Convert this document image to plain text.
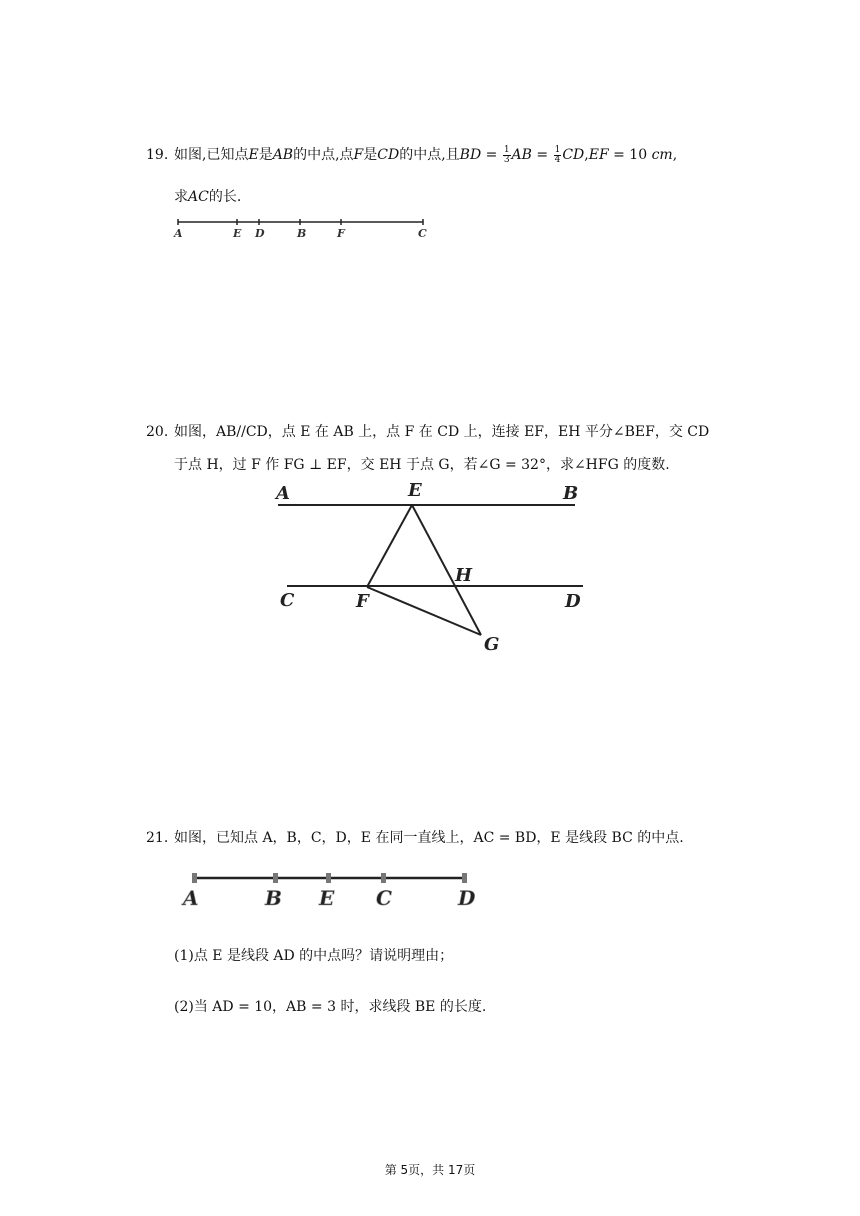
19. 如图,已知点E是AB的中点,点F是CD的中点,且BD = $\frac{1}{3}$ AB = $\frac{1}{4} CD,EF = 10$ cm,
求AC的长.
A	E D	B	F	C
20. 如图，AB//CD，点 E 在 AB 上，点 F 在 CD 上，连接 EF，EH 平分∠BEF，交 CD
于点 H，过 F 作 FG ⊥ EF，交 EH 于点 G，若∠G = 32°，求∠HFG 的度数.
A	E	B
C	F
H
D
G
21. 如图，已知点 A，B，C，D，E 在同一直线上，AC = BD，E 是线段 BC 的中点.
A	B E C	D
(1)点 E 是线段 AD 的中点吗？请说明理由；
(2)当 AD = 10，AB = 3 时，求线段 BE 的长度.
第 5页，共 17页
